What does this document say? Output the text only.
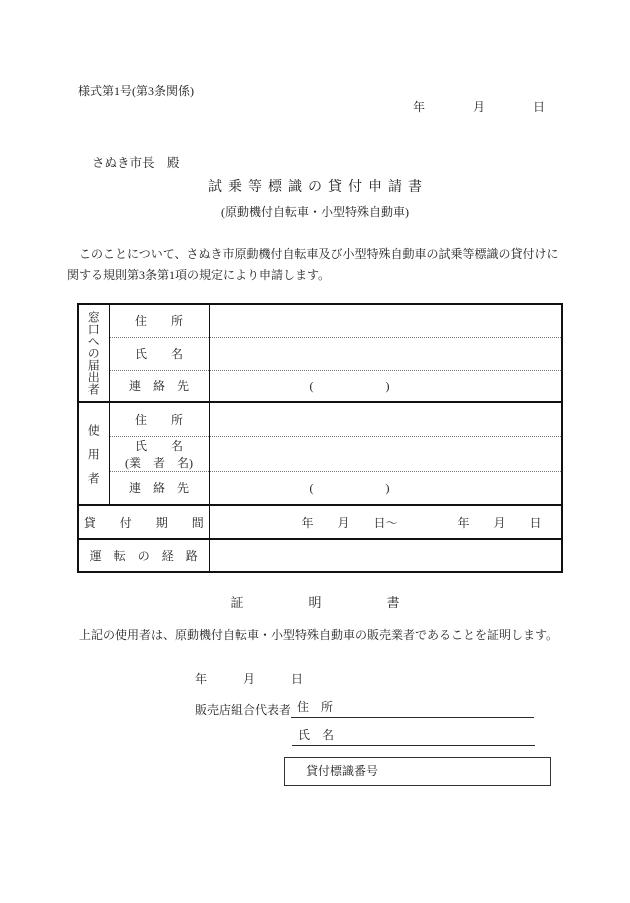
様式第1号(第3条関係)
年　　　　月　　　　日
さぬき市長　殿
試乗等標識の貸付申請書
(原動機付自転車・小型特殊自動車)
このことについて、さぬき市原動機付自転車及び小型特殊自動車の試乗等標識の貸付けに関する規則第3条第1項の規定により申請します。
窓口への届出者	住　　所	
	氏　　名	
	連　絡　先	(　　　　　　)
使　用　者	住　　所	

	氏　　名
(業　者　名)	

	連　絡　先	(　　　　　　)
貸　　付　　期　　間		年　　月　　日～　　　　　年　　月　　日
運　転　の　経　路		
証　　　　　明　　　　　書
上記の使用者は、原動機付自転車・小型特殊自動車の販売業者であることを証明します。
年　　　月　　　日
販売店組合代表者 住　所
氏　名
貸付標識番号
